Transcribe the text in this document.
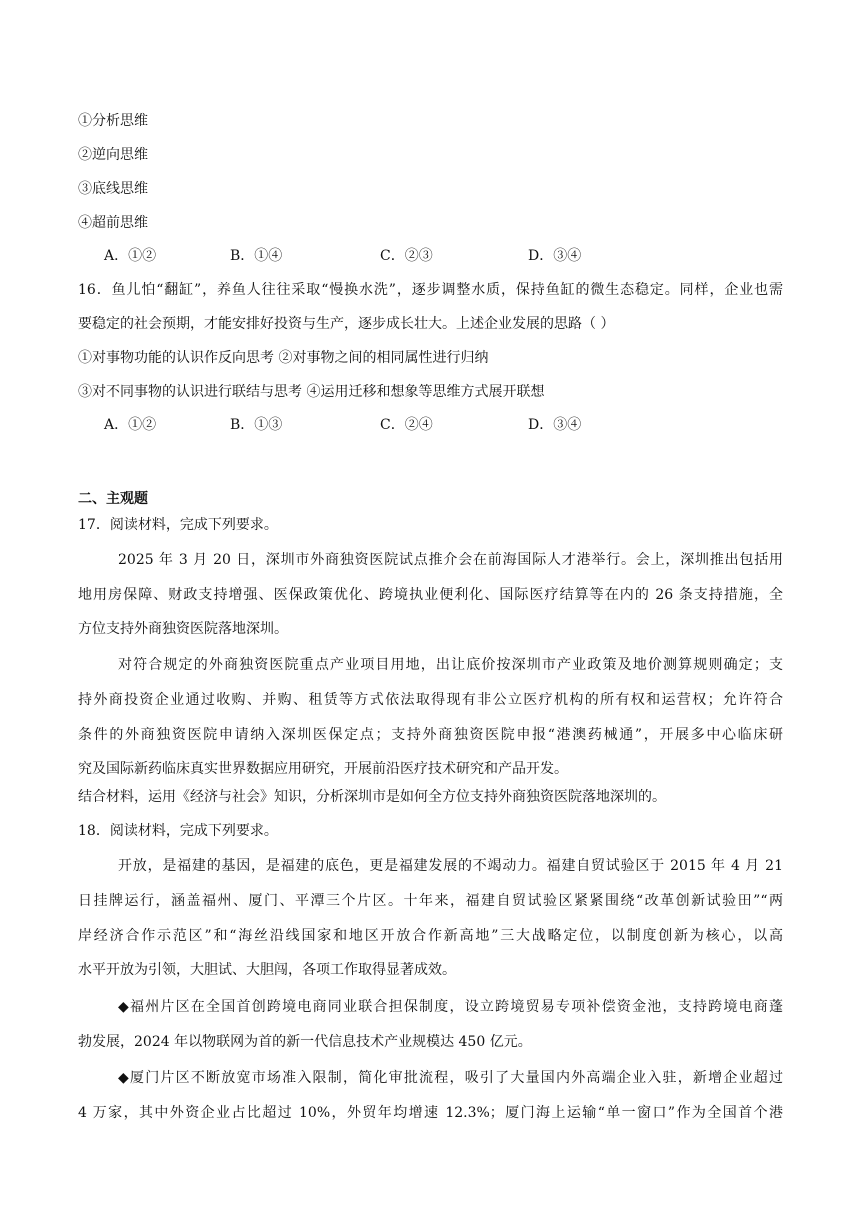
①分析思维
②逆向思维
③底线思维
④超前思维
A．①②	B．①④	C．②③	D．③④
16．鱼儿怕“翻缸”，养鱼人往往采取“慢换水洗”，逐步调整水质，保持鱼缸的微生态稳定。同样，企业也需
要稳定的社会预期，才能安排好投资与生产，逐步成长壮大。上述企业发展的思路（ ）
①对事物功能的认识作反向思考 ②对事物之间的相同属性进行归纳
③对不同事物的认识进行联结与思考 ④运用迁移和想象等思维方式展开联想
A．①②	B．①③	C．②④	D．③④
二、主观题
17．阅读材料，完成下列要求。
2025 年 3 月 20 日，深圳市外商独资医院试点推介会在前海国际人才港举行。会上，深圳推出包括用
地用房保障、财政支持增强、医保政策优化、跨境执业便利化、国际医疗结算等在内的 26 条支持措施，全
方位支持外商独资医院落地深圳。
对符合规定的外商独资医院重点产业项目用地，出让底价按深圳市产业政策及地价测算规则确定；支
持外商投资企业通过收购、并购、租赁等方式依法取得现有非公立医疗机构的所有权和运营权；允许符合
条件的外商独资医院申请纳入深圳医保定点；支持外商独资医院申报“港澳药械通”，开展多中心临床研
究及国际新药临床真实世界数据应用研究，开展前沿医疗技术研究和产品开发。
结合材料，运用《经济与社会》知识，分析深圳市是如何全方位支持外商独资医院落地深圳的。
18．阅读材料，完成下列要求。
开放，是福建的基因，是福建的底色，更是福建发展的不竭动力。福建自贸试验区于 2015 年 4 月 21
日挂牌运行，涵盖福州、厦门、平潭三个片区。十年来，福建自贸试验区紧紧围绕“改革创新试验田”“两
岸经济合作示范区”和“海丝沿线国家和地区开放合作新高地”三大战略定位，以制度创新为核心，以高
水平开放为引领，大胆试、大胆闯，各项工作取得显著成效。
◆福州片区在全国首创跨境电商同业联合担保制度，设立跨境贸易专项补偿资金池，支持跨境电商蓬
勃发展，2024 年以物联网为首的新一代信息技术产业规模达 450 亿元。
◆厦门片区不断放宽市场准入限制，简化审批流程，吸引了大量国内外高端企业入驻，新增企业超过
4 万家，其中外资企业占比超过 10%，外贸年均增速 12.3%；厦门海上运输“单一窗口”作为全国首个港
